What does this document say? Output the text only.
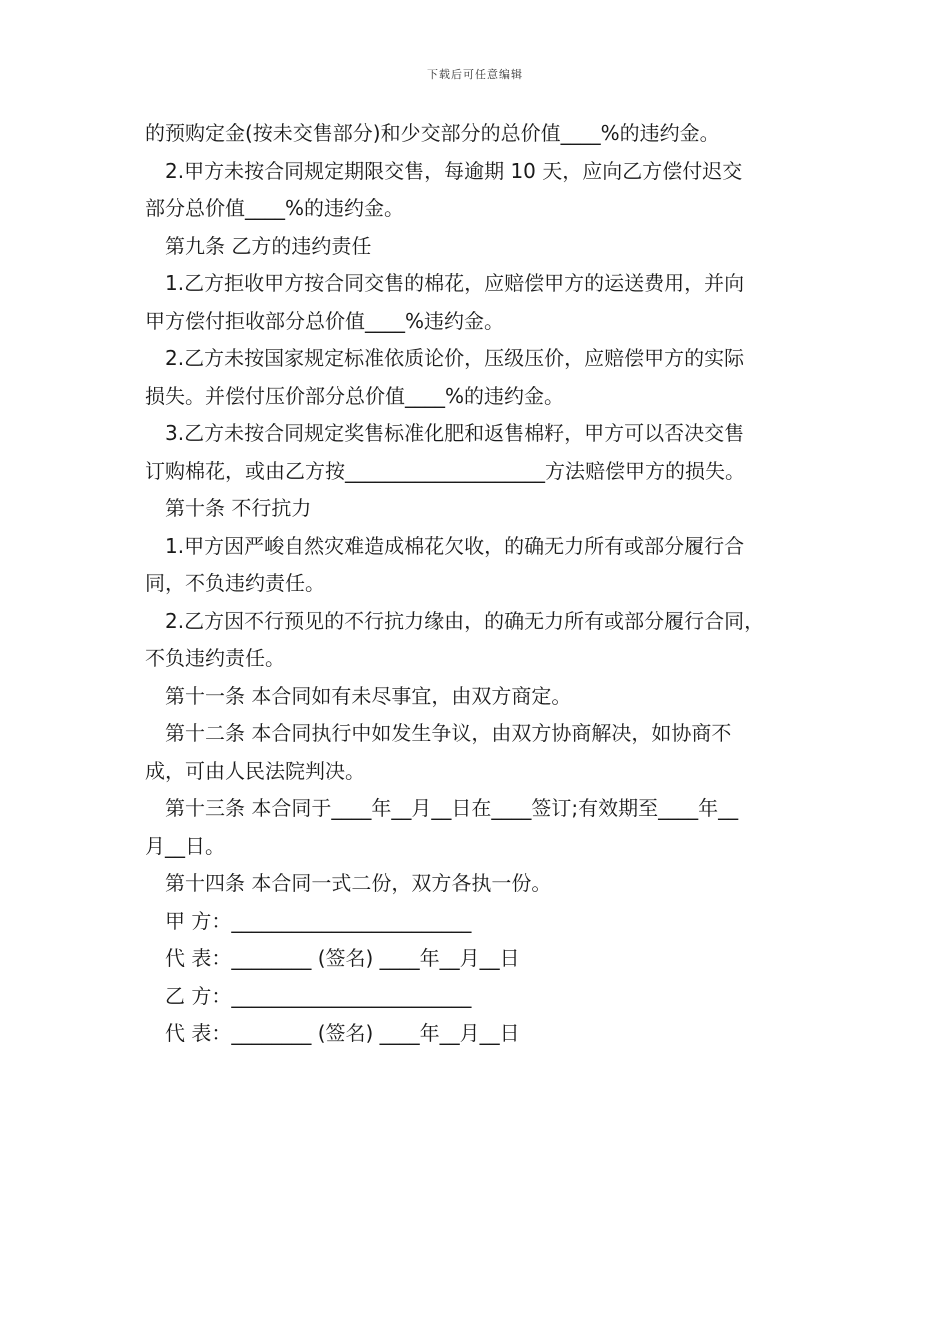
下载后可任意编辑
的预购定金(按未交售部分)和少交部分的总价值____%的违约金。
2.甲方未按合同规定期限交售，每逾期 10 天，应向乙方偿付迟交
部分总价值____%的违约金。
第九条 乙方的违约责任
1.乙方拒收甲方按合同交售的棉花，应赔偿甲方的运送费用，并向
甲方偿付拒收部分总价值____%违约金。
2.乙方未按国家规定标准依质论价，压级压价，应赔偿甲方的实际
损失。并偿付压价部分总价值____%的违约金。
3.乙方未按合同规定奖售标准化肥和返售棉籽，甲方可以否决交售
订购棉花，或由乙方按____________________方法赔偿甲方的损失。
第十条 不行抗力
1.甲方因严峻自然灾难造成棉花欠收，的确无力所有或部分履行合
同，不负违约责任。
2.乙方因不行预见的不行抗力缘由，的确无力所有或部分履行合同，
不负违约责任。
第十一条 本合同如有未尽事宜，由双方商定。
第十二条 本合同执行中如发生争议，由双方协商解决，如协商不
成，可由人民法院判决。
第十三条 本合同于____年__月__日在____签订;有效期至____年__
月__日。
第十四条 本合同一式二份，双方各执一份。
甲 方：________________________
代 表：________ (签名) ____年__月__日
乙 方：________________________
代 表：________ (签名) ____年__月__日
